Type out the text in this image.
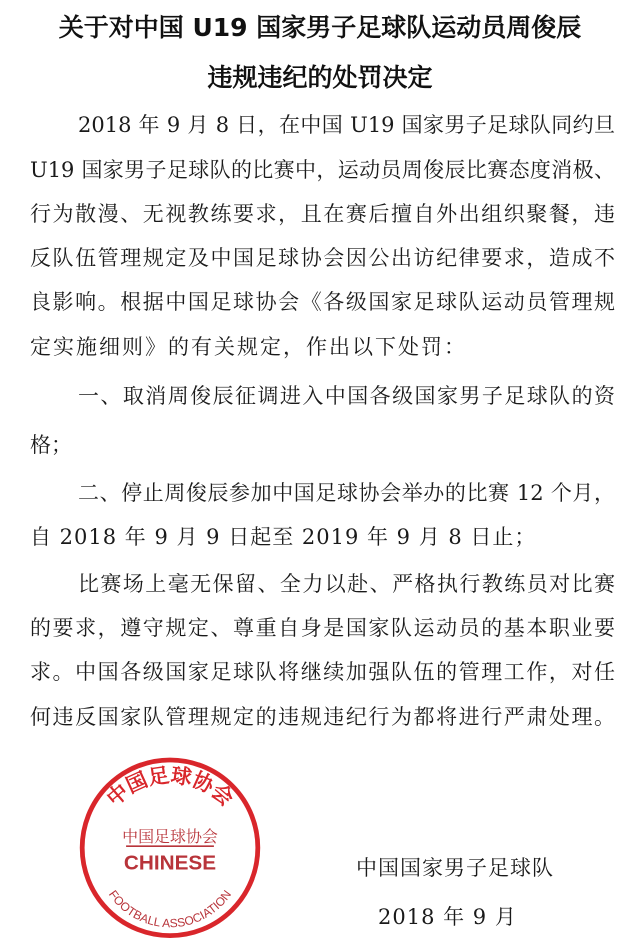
关于对中国 U19 国家男子足球队运动员周俊辰
违规违纪的处罚决定
2018 年 9 月 8 日，在中国 U19 国家男子足球队同约旦
U19 国家男子足球队的比赛中，运动员周俊辰比赛态度消极、
行为散漫、无视教练要求，且在赛后擅自外出组织聚餐，违
反队伍管理规定及中国足球协会因公出访纪律要求，造成不
良影响。根据中国足球协会《各级国家足球队运动员管理规
定实施细则》的有关规定，作出以下处罚：
一、取消周俊辰征调进入中国各级国家男子足球队的资
格；
二、停止周俊辰参加中国足球协会举办的比赛 12 个月，
自 2018 年 9 月 9 日起至 2019 年 9 月 8 日止；
比赛场上毫无保留、全力以赴、严格执行教练员对比赛
的要求，遵守规定、尊重自身是国家队运动员的基本职业要
求。中国各级国家足球队将继续加强队伍的管理工作，对任
何违反国家队管理规定的违规违纪行为都将进行严肃处理。
中国足球协会
中国足球协会
CHINESE
FOOTBALL ASSOCIATION
中国国家男子足球队
2018 年 9 月
